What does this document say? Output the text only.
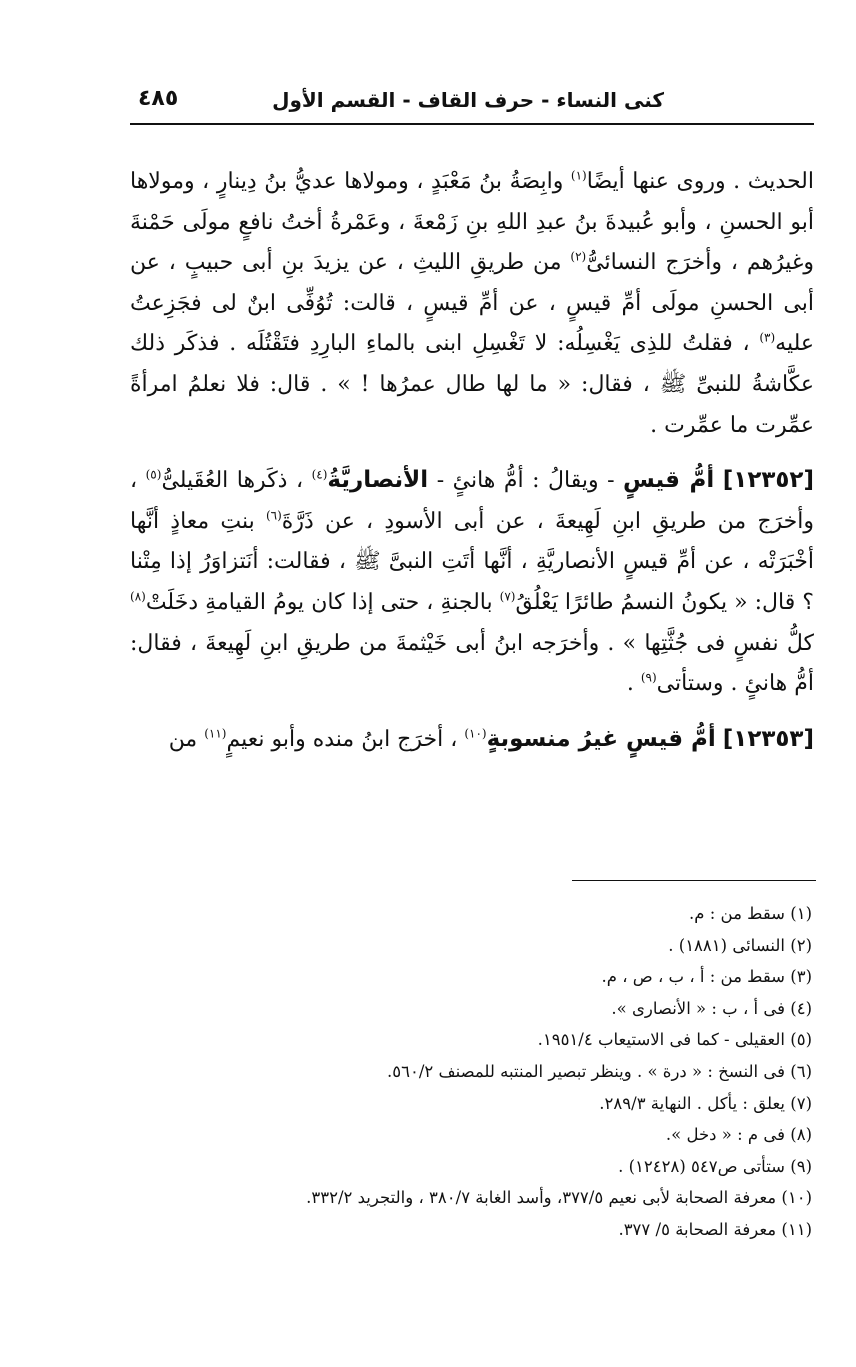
كنى النساء - حرف القاف - القسم الأول
٤٨٥

الحديث . وروى عنها أيضًا$^{(١)}$ وابِصَةُ بنُ مَعْبَدٍ ، ومولاها عديُّ بنُ دِينارٍ ، ومولاها أبو الحسنِ ، وأبو عُبيدةَ بنُ عبدِ اللهِ بنِ زَمْعةَ ، وعَمْرةُ أختُ نافعٍ مولَى حَمْنةَ وغيرُهم ، وأخرَج النسائىُّ$^{(٢)}$ من طريقِ الليثِ ، عن يزيدَ بنِ أبى حبيبٍ ، عن أبى الحسنِ مولَى أمِّ قيسٍ ، عن أمِّ قيسٍ ، قالت: تُوُفِّى ابنٌ لى فجَزِعتُ عليه$^{(٣)}$ ، فقلتُ للذِى يَغْسِلُه: لا تَغْسِلِ ابنى بالماءِ البارِدِ فتَقْتُلَه . فذكَر ذلك عكَّاشةُ للنبىِّ ﷺ ، فقال: « ما لها طال عمرُها ! » . قال: فلا نعلمُ امرأةً عمِّرت ما عمِّرت .

[١٢٣٥٢] أمُّ قيسٍ - ويقالُ : أمُّ هانئٍ - الأنصاريَّةُ$^{(٤)}$ ، ذكَرها العُقَيلىُّ$^{(٥)}$ ، وأخرَج من طريقِ ابنِ لَهِيعةَ ، عن أبى الأسودِ ، عن ذَرَّةَ$^{(٦)}$ بنتِ معاذٍ أنَّها أخْبَرَتْه ، عن أمِّ قيسٍ الأنصاريَّةِ ، أنَّها أتَتِ النبىَّ ﷺ ، فقالت: أنَتزاوَرُ إذا مِتْنا ؟ قال: « يكونُ النسمُ طائرًا يَعْلُقُ$^{(٧)}$ بالجنةِ ، حتى إذا كان يومُ القيامةِ دخَلَتْ$^{(٨)}$ كلُّ نفسٍ فى جُثَّتِها » . وأخرَجه ابنُ أبى خَيْثمةَ من طريقِ ابنِ لَهِيعةَ ، فقال: أمُّ هانئٍ . وستأتى$^{(٩)}$ .

[١٢٣٥٣] أمُّ قيسٍ غيرُ منسوبةٍ$^{(١٠)}$ ، أخرَج ابنُ منده وأبو نعيمٍ$^{(١١)}$ من

(١) سقط من : م.
(٢) النسائى (١٨٨١) .
(٣) سقط من : أ ، ب ، ص ، م.
(٤) فى أ ، ب : « الأنصارى ».
(٥) العقيلى - كما فى الاستيعاب ١٩٥١/٤.
(٦) فى النسخ : « درة » . وينظر تبصير المنتبه للمصنف ٥٦٠/٢.
(٧) يعلق : يأكل . النهاية ٢٨٩/٣.
(٨) فى م : « دخل ».
(٩) ستأتى ص٥٤٧ (١٢٤٢٨) .
(١٠) معرفة الصحابة لأبى نعيم ٣٧٧/٥، وأسد الغابة ٣٨٠/٧ ، والتجريد ٣٣٢/٢.
(١١) معرفة الصحابة ٥/ ٣٧٧.
